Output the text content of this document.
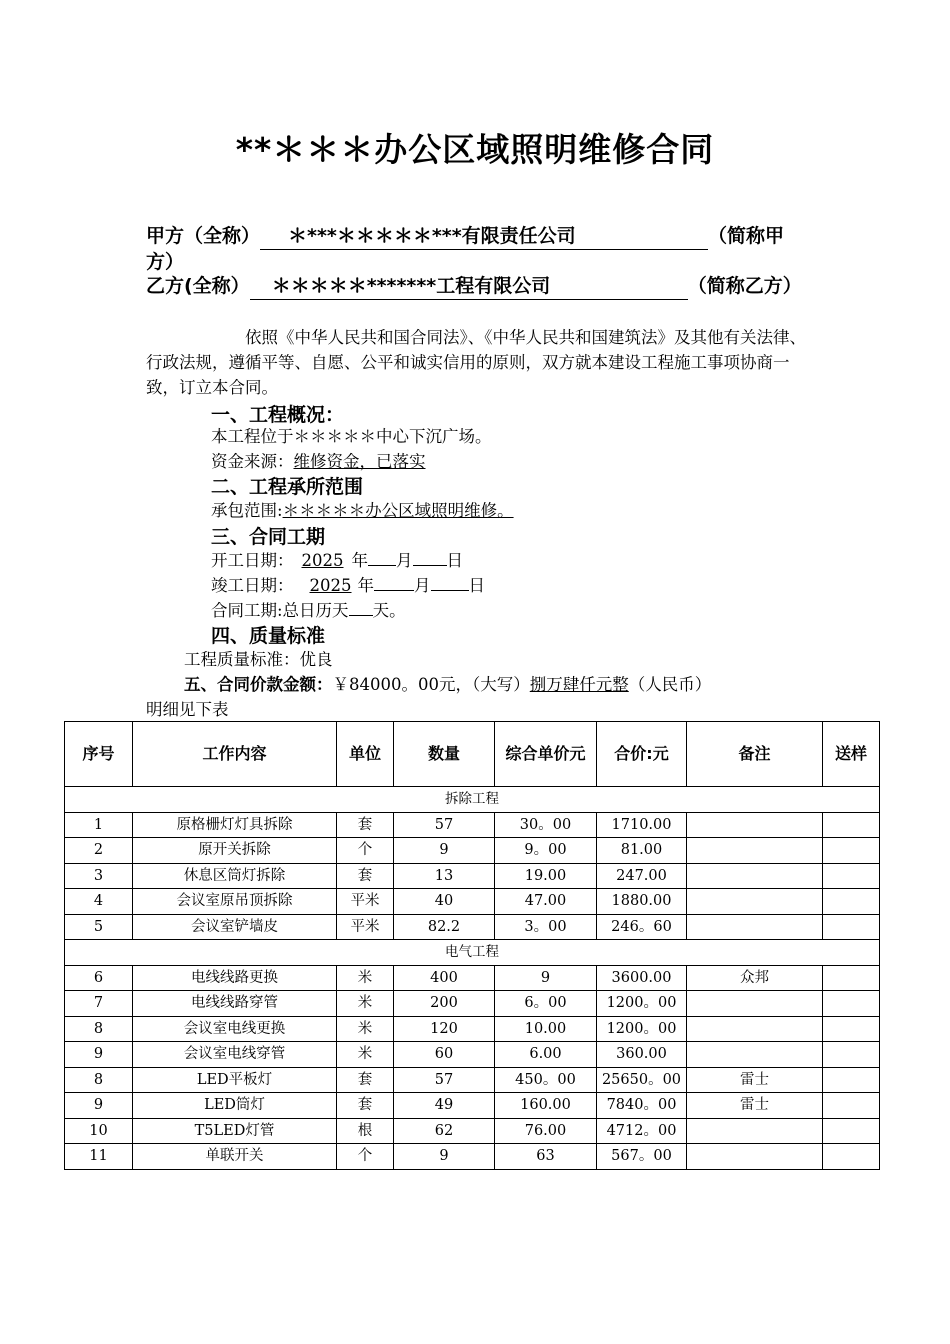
**＊＊＊办公区域照明维修合同
甲方（全称） ＊***＊＊＊＊＊***有限责任公司	（简称甲方）
乙方(全称） ＊＊＊＊＊*******工程有限公司	（简称乙方）
依照《中华人民共和国合同法》、《中华人民共和国建筑法》及其他有关法律、行政法规，遵循平等、自愿、公平和诚实信用的原则，双方就本建设工程施工事项协商一致，订立本合同。
一、工程概况：
本工程位于＊＊＊＊＊中心下沉广场。
资金来源：维修资金，已落实
二、工程承所范围
承包范围:＊＊＊＊＊办公区域照明维修。
三、合同工期
开工日期： 2025 年 月 日
竣工日期： 2025 年 月 日
合同工期:总日历天 天。
四、质量标准
工程质量标准：优良
五、合同价款金额：￥84000。00元，（大写）捌万肆仟元整（人民币）
明细见下表
序号	工作内容	单位	数量	综合单价元	合价:元	备注	送样
拆除工程							
1	原格栅灯灯具拆除	套	57	30。00	1710.00		
2	原开关拆除	个	9	9。00	81.00		
3	休息区筒灯拆除	套	13	19.00	247.00		
4	会议室原吊顶拆除	平米	40	47.00	1880.00		
5	会议室铲墙皮	平米	82.2	3。00	246。60		
电气工程							
6	电线线路更换	米	400	9	3600.00	众邦	
7	电线线路穿管	米	200	6。00	1200。00		
8	会议室电线更换	米	120	10.00	1200。00		
9	会议室电线穿管	米	60	6.00	360.00		
8	LED平板灯	套	57	450。00	25650。00	雷士	
9	LED筒灯	套	49	160.00	7840。00	雷士	
10	T5LED灯管	根	62	76.00	4712。00		
11	单联开关	个	9	63	567。00		
